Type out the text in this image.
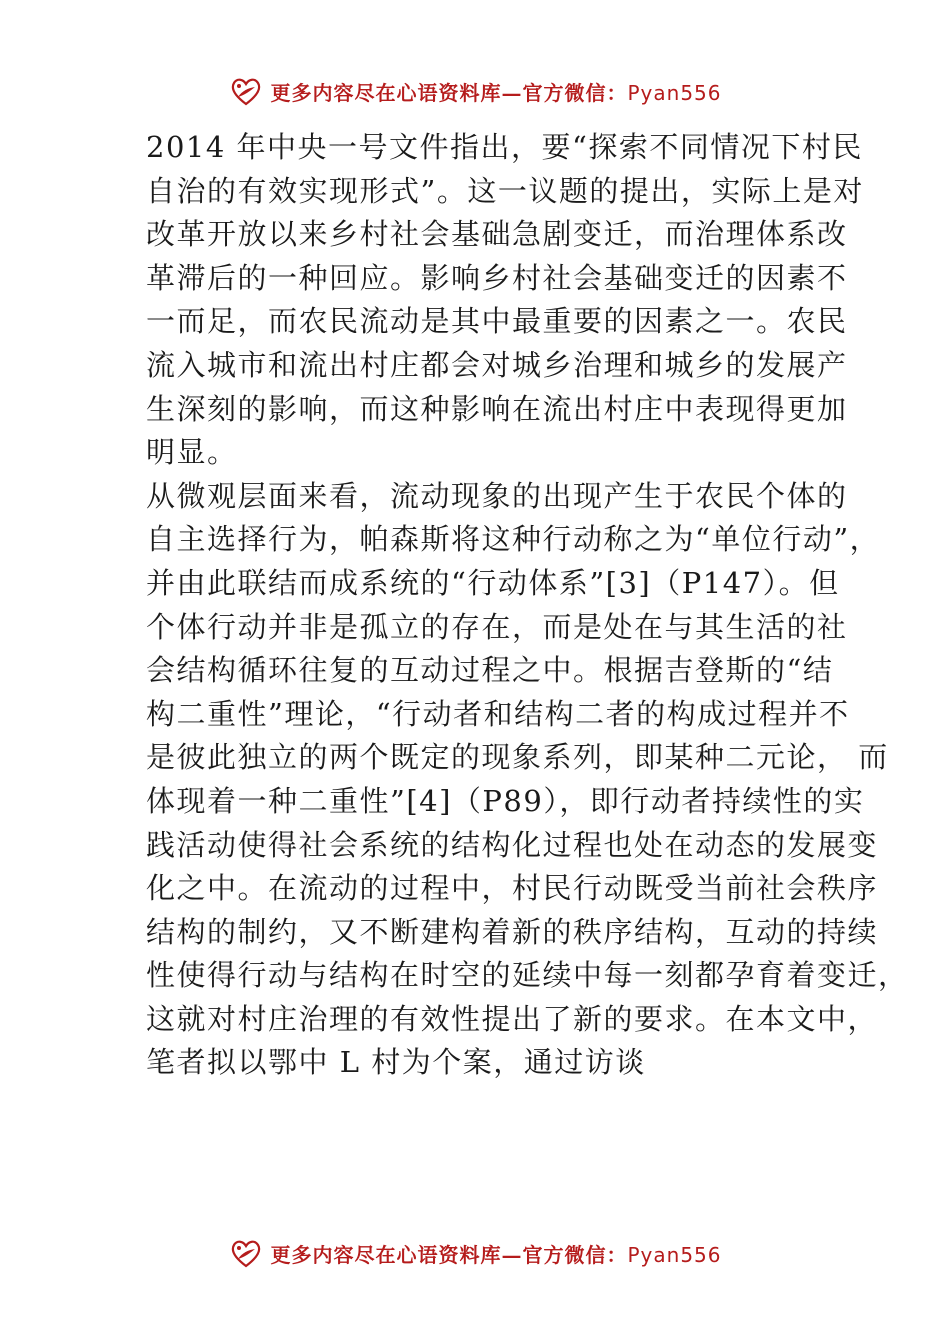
更多内容尽在心语资料库—官方微信：Pyan556
2014 年中央一号文件指出，要“探索不同情况下村民
自治的有效实现形式”。这一议题的提出，实际上是对
改革开放以来乡村社会基础急剧变迁，而治理体系改
革滞后的一种回应。影响乡村社会基础变迁的因素不
一而足，而农民流动是其中最重要的因素之一。农民
流入城市和流出村庄都会对城乡治理和城乡的发展产
生深刻的影响，而这种影响在流出村庄中表现得更加
明显。
从微观层面来看，流动现象的出现产生于农民个体的
自主选择行为，帕森斯将这种行动称之为“单位行动”，
并由此联结而成系统的“行动体系”[3]（P147）。但
个体行动并非是孤立的存在，而是处在与其生活的社
会结构循环往复的互动过程之中。根据吉登斯的“结
构二重性”理论，“行动者和结构二者的构成过程并不
是彼此独立的两个既定的现象系列，即某种二元论， 而
体现着一种二重性”[4]（P89），即行动者持续性的实
践活动使得社会系统的结构化过程也处在动态的发展变
化之中。在流动的过程中，村民行动既受当前社会秩序
结构的制约，又不断建构着新的秩序结构，互动的持续
性使得行动与结构在时空的延续中每一刻都孕育着变迁，
这就对村庄治理的有效性提出了新的要求。在本文中，
笔者拟以鄂中 L 村为个案，通过访谈
更多内容尽在心语资料库—官方微信：Pyan556
